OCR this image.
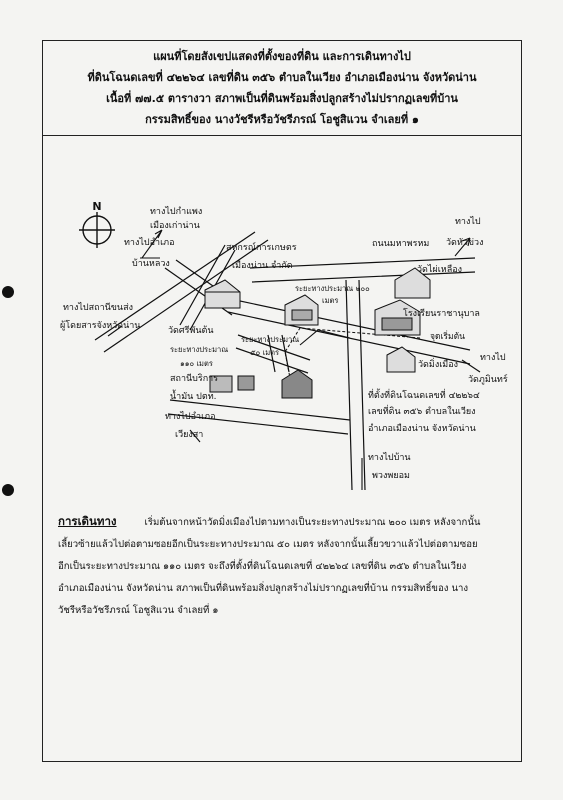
แผนที่โดยสังเขปแสดงที่ตั้งของที่ดิน และการเดินทางไป
ที่ดินโฉนดเลขที่ ๔๒๒๖๔ เลขที่ดิน ๓๕๖ ตำบลในเวียง อำเภอเมืองน่าน จังหวัดน่าน
เนื้อที่ ๗๗.๕ ตารางวา สภาพเป็นที่ดินพร้อมสิ่งปลูกสร้างไม่ปรากฏเลขที่บ้าน
กรรมสิทธิ์ของ นางวัชรีหรือวัชรีภรณ์ โอชูสิแวน จำเลยที่ ๑
N	ทางไปกำแพง
เมืองเก่าน่าน
ทางไปอำเภอ
บ้านหลวง
ทางไปสถานีขนส่ง
ผู้โดยสารจังหวัดน่าน
สหกรณ์การเกษตร
เมืองน่าน จำกัด
ถนนมหาพรหม
ทางไป
วัดหัวข่วง
วัดไผ่เหลือง
ระยะทางประมาณ ๒๐๐
เมตร
โรงเรียนราชานุบาล
จุดเริ่มต้น
วัดศรีพันต้น
ระยะทางประมาณ
๕๐ เมตร
ระยะทางประมาณ
๑๑๐ เมตร	วัดมิ่งเมือง
ทางไป
วัดภูมินทร์
สถานีบริการ
น้ำมัน ปตท.
ทางไปอำเภอ
เวียงสา
ที่ตั้งที่ดินโฉนดเลขที่ ๔๒๒๖๔
เลขที่ดิน ๓๕๖ ตำบลในเวียง
อำเภอเมืองน่าน จังหวัดน่าน
ทางไปบ้าน
พวงพยอม

การเดินทาง	เริ่มต้นจากหน้าวัดมิ่งเมืองไปตามทางเป็นระยะทางประมาณ ๒๐๐ เมตร หลังจากนั้น

เลี้ยวซ้ายแล้วไปต่อตามซอยอีกเป็นระยะทางประมาณ ๕๐ เมตร หลังจากนั้นเลี้ยวขวาแล้วไปต่อตามซอย

อีกเป็นระยะทางประมาณ ๑๑๐ เมตร จะถึงที่ตั้งที่ดินโฉนดเลขที่ ๔๒๒๖๔ เลขที่ดิน ๓๕๖ ตำบลในเวียง

อำเภอเมืองน่าน จังหวัดน่าน สภาพเป็นที่ดินพร้อมสิ่งปลูกสร้างไม่ปรากฏเลขที่บ้าน กรรมสิทธิ์ของ นาง

วัชรีหรือวัชรีภรณ์ โอชูสิแวน จำเลยที่ ๑
